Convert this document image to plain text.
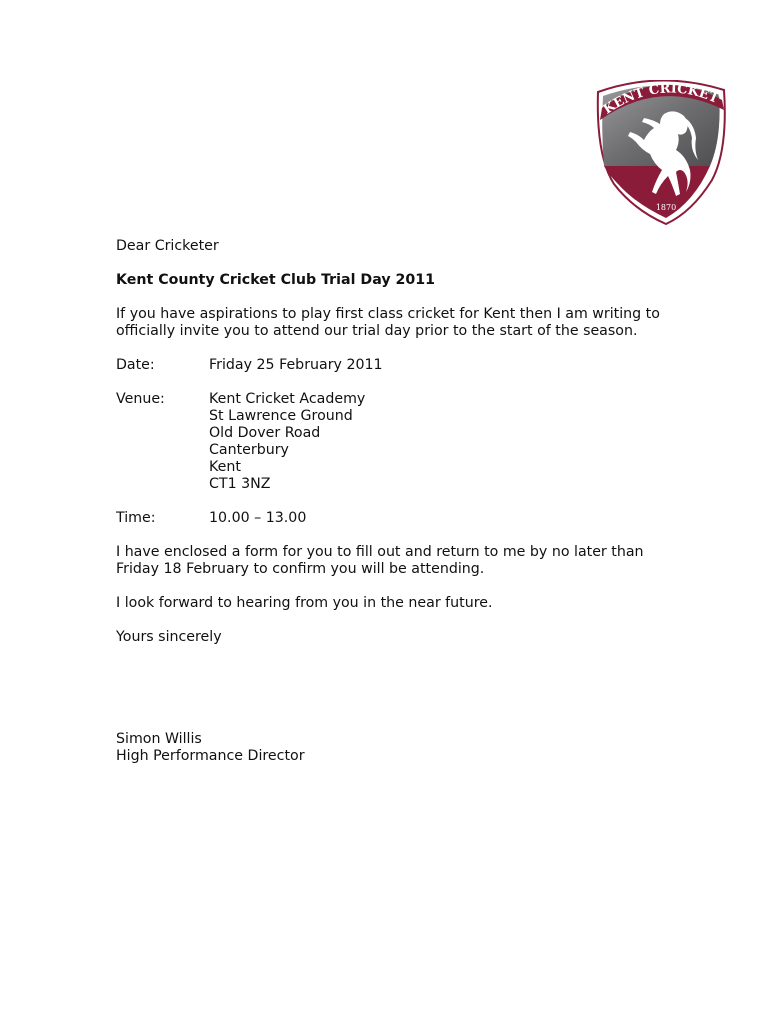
KENT CRICKET
1870

Dear Cricketer

Kent County Cricket Club Trial Day 2011

If you have aspirations to play first class cricket for Kent then I am writing to officially invite you to attend our trial day prior to the start of the season.

Date:	Friday 25 February 2011
Venue:	Kent Cricket Academy
St Lawrence Ground
Old Dover Road
Canterbury
Kent
CT1 3NZ
Time:	10.00 – 13.00

I have enclosed a form for you to fill out and return to me by no later than Friday 18 February to confirm you will be attending.

I look forward to hearing from you in the near future.

Yours sincerely

Simon Willis

High Performance Director
